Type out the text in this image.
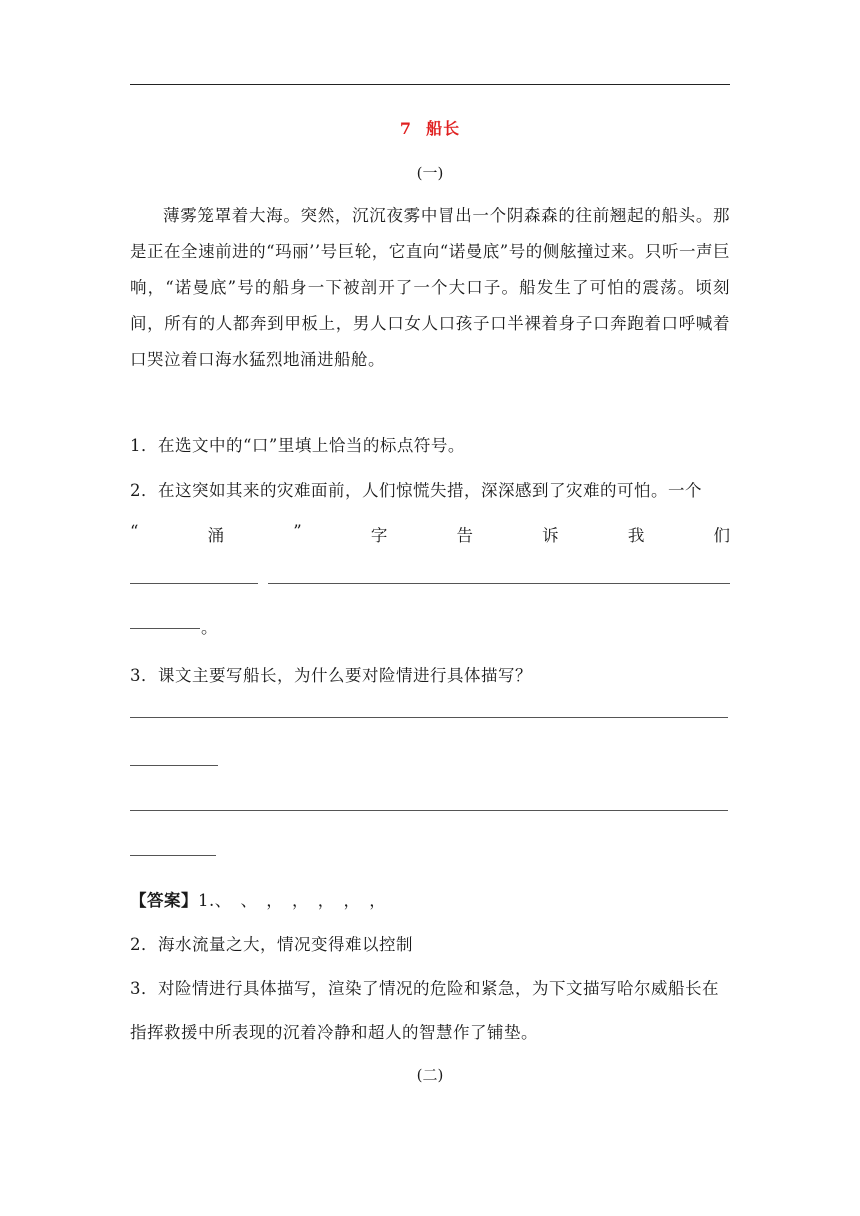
7 船长
(一)
薄雾笼罩着大海。突然，沉沉夜雾中冒出一个阴森森的往前翘起的船头。那是正在全速前进的“玛丽’’号巨轮，它直向“诺曼底”号的侧舷撞过来。只听一声巨响，“诺曼底”号的船身一下被剖开了一个大口子。船发生了可怕的震荡。顷刻间，所有的人都奔到甲板上，男人口女人口孩子口半裸着身子口奔跑着口呼喊着口哭泣着口海水猛烈地涌进船舱。
1．在选文中的“口”里填上恰当的标点符号。
2．在这突如其来的灾难面前，人们惊慌失措，深深感到了灾难的可怕。一个
“	涌	”	字	告	诉	我	们
。
3．课文主要写船长，为什么要对险情进行具体描写？
【答案】1.、　、　，　，　，　，　，
2．海水流量之大，情况变得难以控制
3．对险情进行具体描写，渲染了情况的危险和紧急，为下文描写哈尔威船长在
指挥救援中所表现的沉着冷静和超人的智慧作了铺垫。
(二)
